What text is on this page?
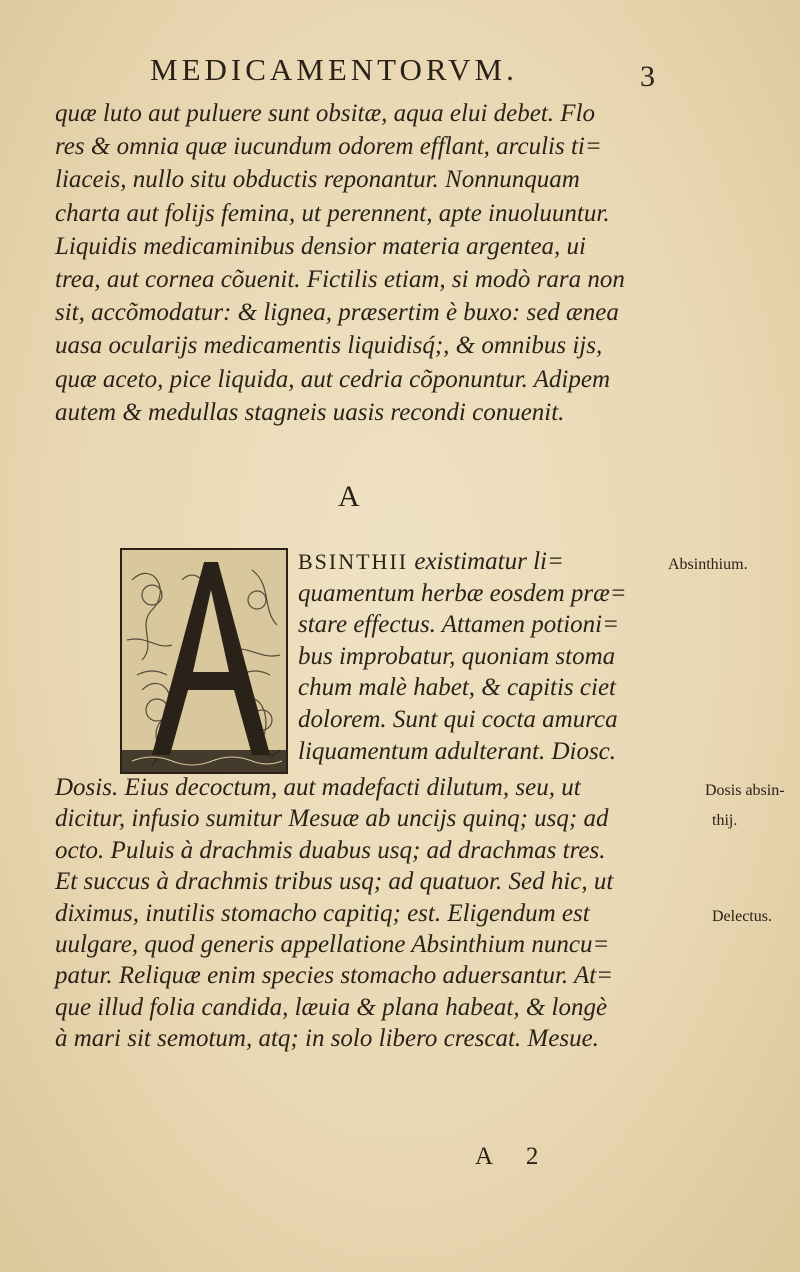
MEDICAMENTORVM.	3
quæ luto aut puluere sunt obsitæ, aqua elui debet. Flo
res & omnia quæ iucundum odorem efflant, arculis ti=
liaceis, nullo situ obductis reponantur. Nonnunquam
charta aut folijs femina, ut perennent, apte inuoluuntur.
Liquidis medicaminibus densior materia argentea, ui
trea, aut cornea cõuenit. Fictilis etiam, si modò rara non
sit, accõmodatur: & lignea, præsertim è buxo: sed ænea
uasa ocularijs medicamentis liquidisq́;, & omnibus ijs,
quæ aceto, pice liquida, aut cedria cõponuntur. Adipem
autem & medullas stagneis uasis recondi conuenit.
A
BSINTHII existimatur li=
quamentum herbæ eosdem præ=
stare effectus. Attamen potioni=
bus improbatur, quoniam stoma
chum malè habet, & capitis ciet
dolorem. Sunt qui cocta amurca
liquamentum adulterant. Diosc.
Absinthium.
Dosis. Eius decoctum, aut madefacti dilutum, seu, ut
dicitur, infusio sumitur Mesuæ ab uncijs quinq; usq; ad
octo. Puluis à drachmis duabus usq; ad drachmas tres.
Et succus à drachmis tribus usq; ad quatuor. Sed hic, ut
diximus, inutilis stomacho capitiq; est. Eligendum est
uulgare, quod generis appellatione Absinthium nuncu=
patur. Reliquæ enim species stomacho aduersantur. At=
que illud folia candida, læuia & plana habeat, & longè
à mari sit semotum, atq; in solo libero crescat. Mesue.
Dosis absin-
thij.
Delectus.
A 2
